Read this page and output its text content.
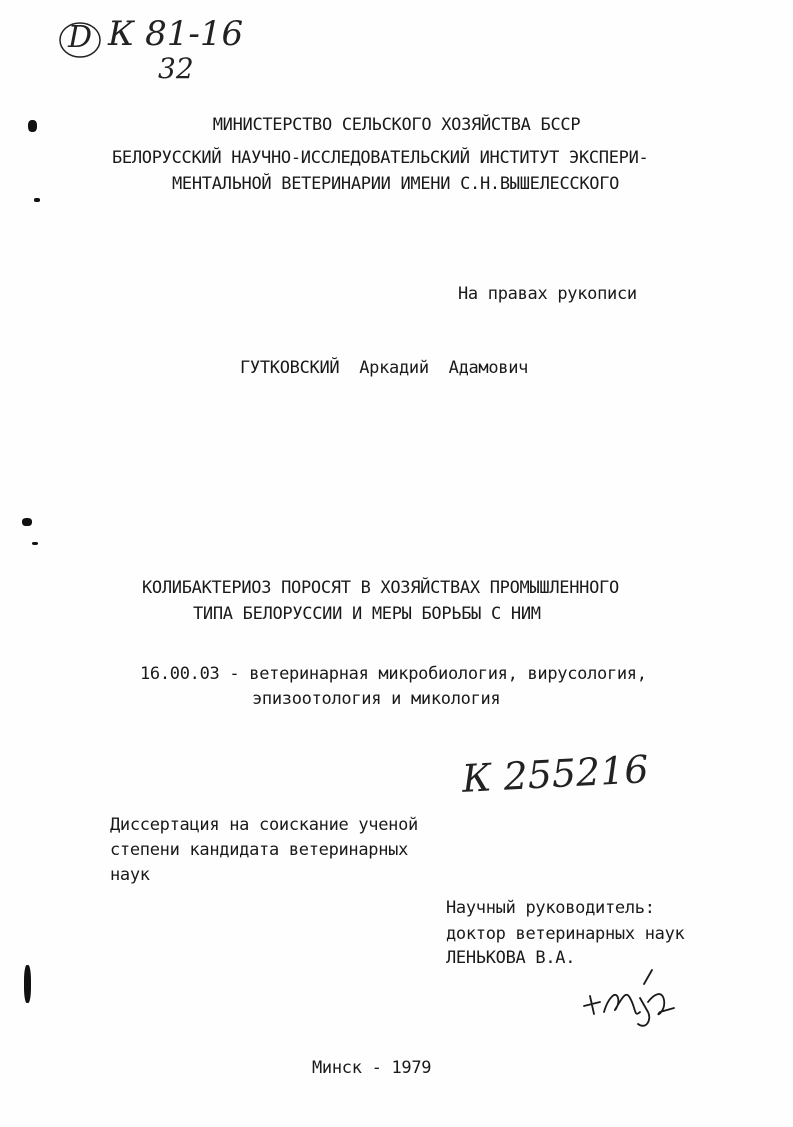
D К 81-16
32
МИНИСТЕРСТВО СЕЛЬСКОГО ХОЗЯЙСТВА БССР
БЕЛОРУССКИЙ НАУЧНО-ИССЛЕДОВАТЕЛЬСКИЙ ИНСТИТУТ ЭКСПЕРИ-
МЕНТАЛЬНОЙ ВЕТЕРИНАРИИ ИМЕНИ С.Н.ВЫШЕЛЕССКОГО
На правах рукописи
ГУТКОВСКИЙ  Аркадий  Адамович
КОЛИБАКТЕРИОЗ ПОРОСЯТ В ХОЗЯЙСТВАХ ПРОМЫШЛЕННОГО
ТИПА БЕЛОРУССИИ И МЕРЫ БОРЬБЫ С НИМ
16.00.03 - ветеринарная микробиология, вирусология,
эпизоотология и микология
К 255216
Диссертация на соискание ученой
степени кандидата ветеринарных
наук
Научный руководитель:
доктор ветеринарных наук
ЛЕНЬКОВА В.А.
Минск - 1979
